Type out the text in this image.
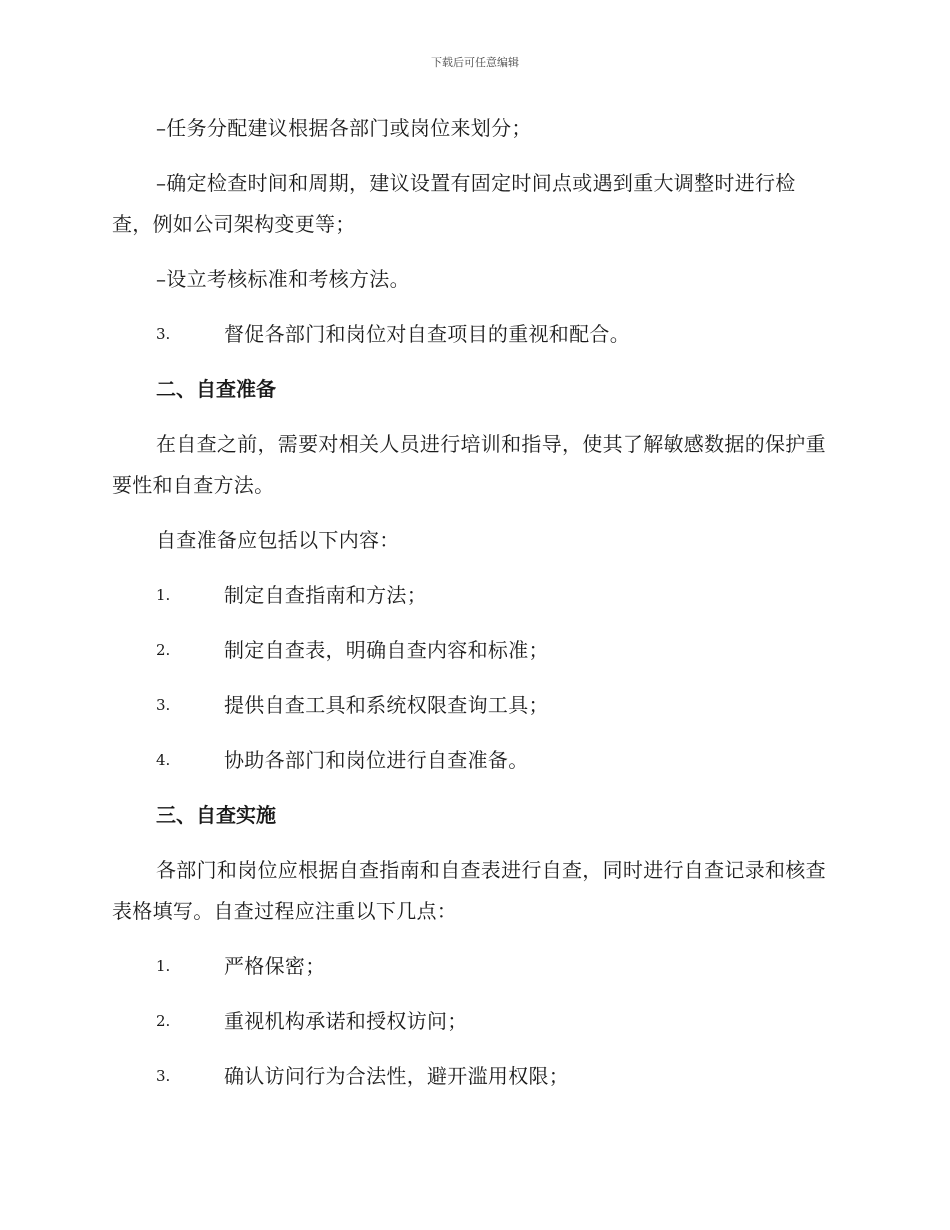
下载后可任意编辑

–任务分配建议根据各部门或岗位来划分；

–确定检查时间和周期，建议设置有固定时间点或遇到重大调整时进行检查，例如公司架构变更等；

–设立考核标准和考核方法。

3.	督促各部门和岗位对自查项目的重视和配合。
二、自查准备

在自查之前，需要对相关人员进行培训和指导，使其了解敏感数据的保护重要性和自查方法。

自查准备应包括以下内容：

1.	制定自查指南和方法；
2.	制定自查表，明确自查内容和标准；
3.	提供自查工具和系统权限查询工具；
4.	协助各部门和岗位进行自查准备。
三、自查实施

各部门和岗位应根据自查指南和自查表进行自查，同时进行自查记录和核查表格填写。自查过程应注重以下几点：

1.	严格保密；
2.	重视机构承诺和授权访问；
3.	确认访问行为合法性，避开滥用权限；
